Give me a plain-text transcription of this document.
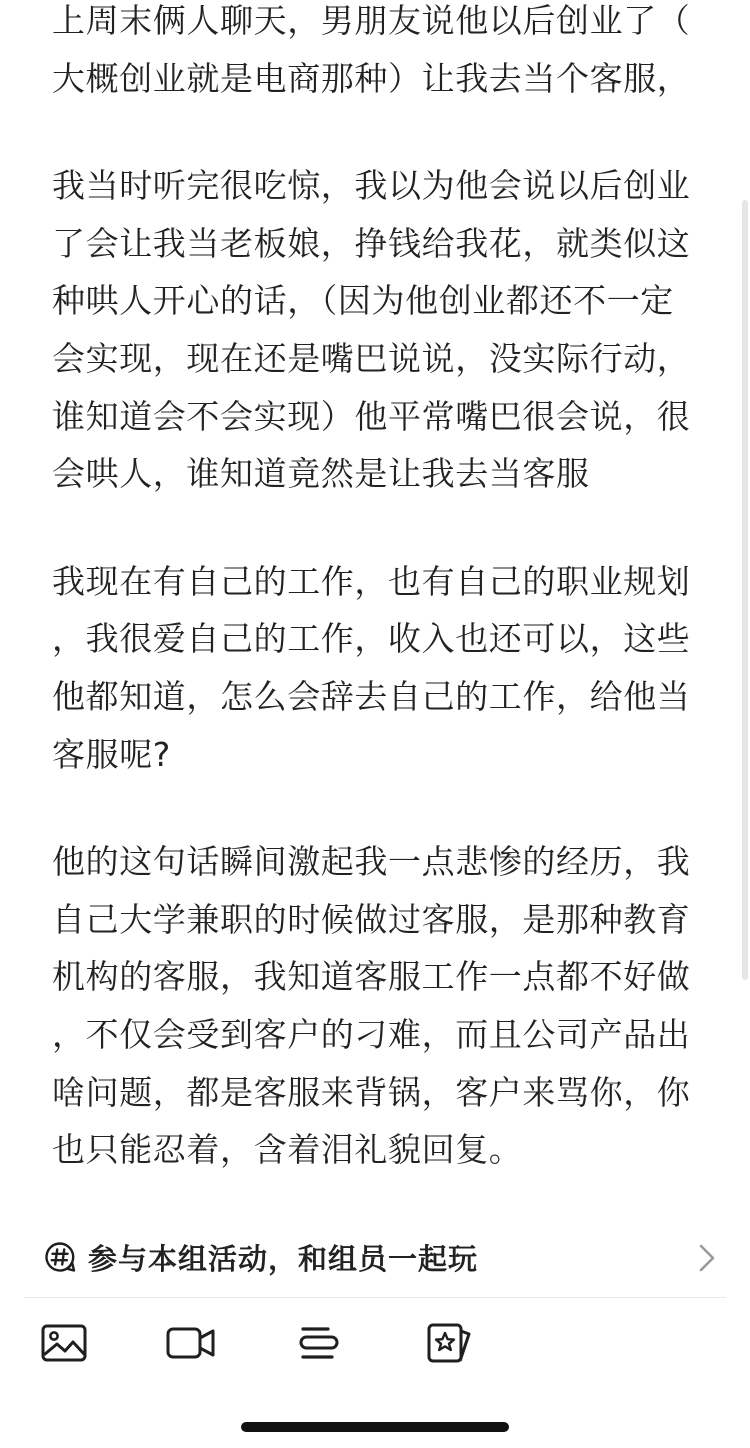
上周末俩人聊天，男朋友说他以后创业了（
大概创业就是电商那种）让我去当个客服，

我当时听完很吃惊，我以为他会说以后创业
了会让我当老板娘，挣钱给我花，就类似这
种哄人开心的话，（因为他创业都还不一定
会实现，现在还是嘴巴说说，没实际行动，
谁知道会不会实现）他平常嘴巴很会说，很
会哄人，谁知道竟然是让我去当客服

我现在有自己的工作，也有自己的职业规划
，我很爱自己的工作，收入也还可以，这些
他都知道，怎么会辞去自己的工作，给他当
客服呢?

他的这句话瞬间激起我一点悲惨的经历，我
自己大学兼职的时候做过客服，是那种教育
机构的客服，我知道客服工作一点都不好做
，不仅会受到客户的刁难，而且公司产品出
啥问题，都是客服来背锅，客户来骂你，你
也只能忍着，含着泪礼貌回复。

参与本组活动，和组员一起玩
